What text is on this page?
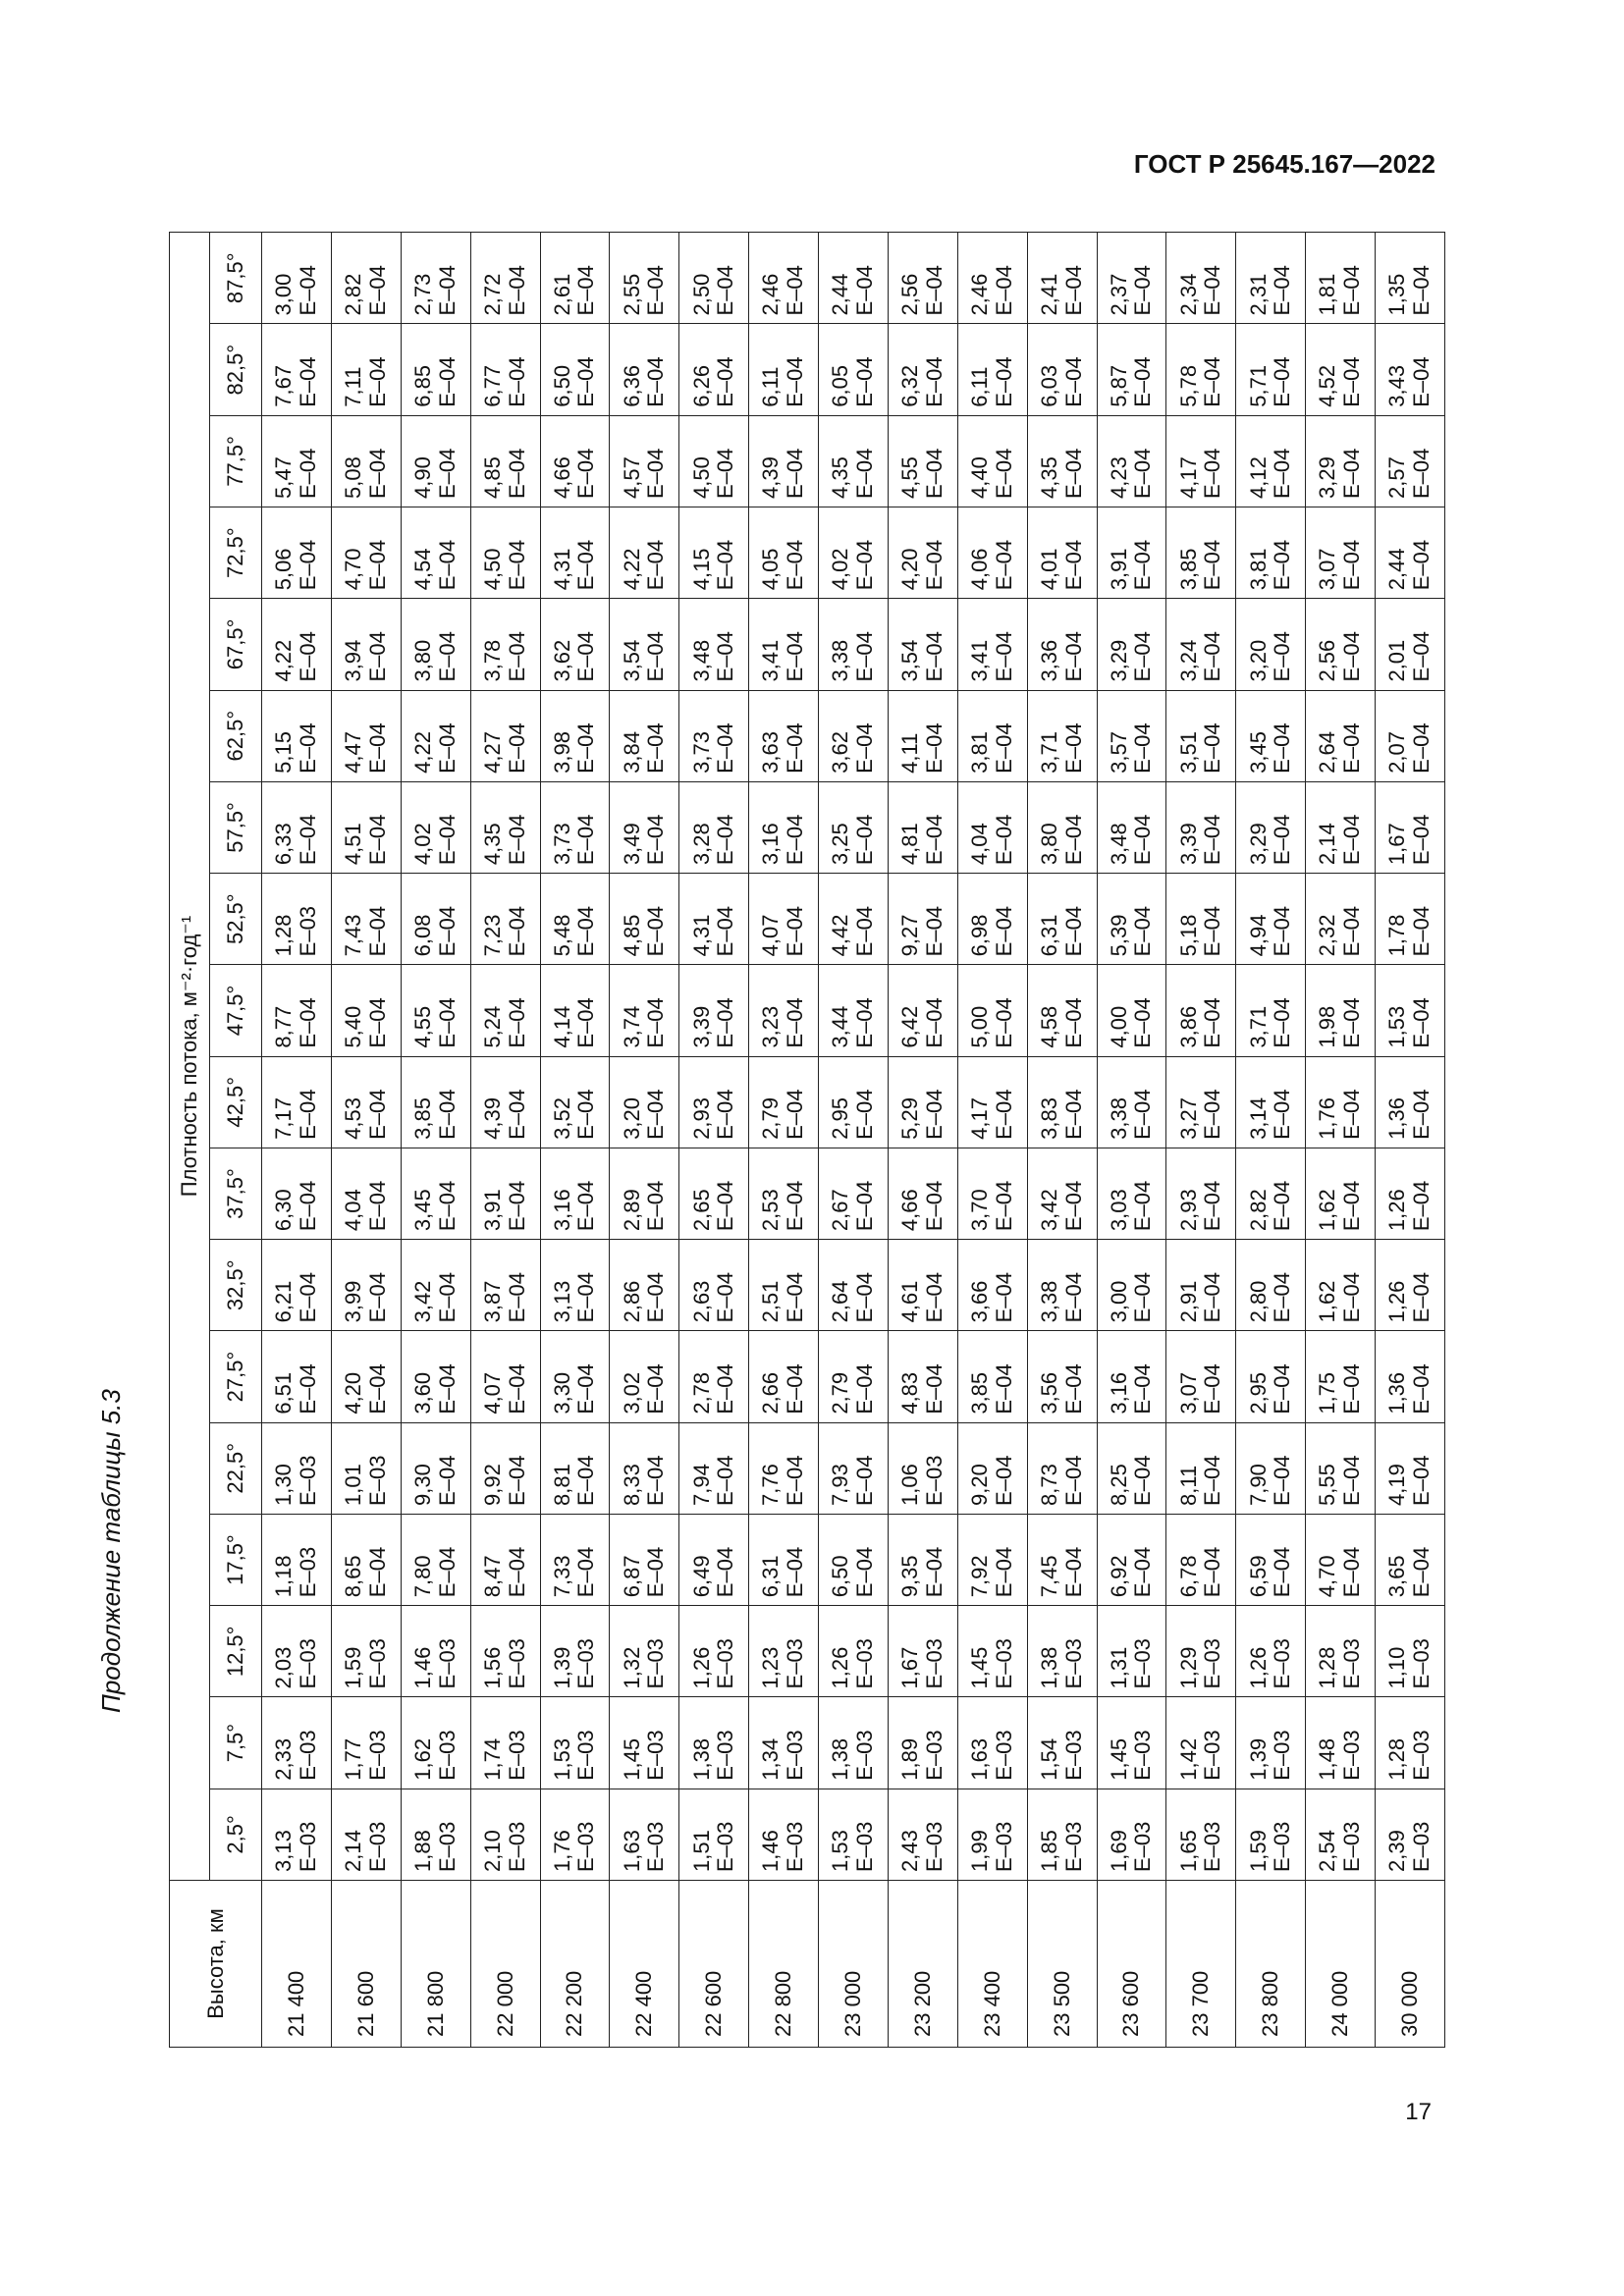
ГОСТ Р 25645.167—2022
Продолжение таблицы 5.3
Высота, км	Плотность потока, м⁻²·год⁻¹																	
	2,5°	7,5°	12,5°	17,5°	22,5°	27,5°	32,5°	37,5°	42,5°	47,5°	52,5°	57,5°	62,5°	67,5°	72,5°	77,5°	82,5°	87,5°
21 400	3,13 E–03	2,33 E–03	2,03 E–03	1,18 E–03	1,30 E–03	6,51 E–04	6,21 E–04	6,30 E–04	7,17 E–04	8,77 E–04	1,28 E–03	6,33 E–04	5,15 E–04	4,22 E–04	5,06 E–04	5,47 E–04	7,67 E–04	3,00 E–04

21 600	2,14 E–03	1,77 E–03	1,59 E–03	8,65 E–04	1,01 E–03	4,20 E–04	3,99 E–04	4,04 E–04	4,53 E–04	5,40 E–04	7,43 E–04	4,51 E–04	4,47 E–04	3,94 E–04	4,70 E–04	5,08 E–04	7,11 E–04	2,82 E–04

21 800	1,88 E–03	1,62 E–03	1,46 E–03	7,80 E–04	9,30 E–04	3,60 E–04	3,42 E–04	3,45 E–04	3,85 E–04	4,55 E–04	6,08 E–04	4,02 E–04	4,22 E–04	3,80 E–04	4,54 E–04	4,90 E–04	6,85 E–04	2,73 E–04

22 000	2,10 E–03	1,74 E–03	1,56 E–03	8,47 E–04	9,92 E–04	4,07 E–04	3,87 E–04	3,91 E–04	4,39 E–04	5,24 E–04	7,23 E–04	4,35 E–04	4,27 E–04	3,78 E–04	4,50 E–04	4,85 E–04	6,77 E–04	2,72 E–04

22 200	1,76 E–03	1,53 E–03	1,39 E–03	7,33 E–04	8,81 E–04	3,30 E–04	3,13 E–04	3,16 E–04	3,52 E–04	4,14 E–04	5,48 E–04	3,73 E–04	3,98 E–04	3,62 E–04	4,31 E–04	4,66 E–04	6,50 E–04	2,61 E–04

22 400	1,63 E–03	1,45 E–03	1,32 E–03	6,87 E–04	8,33 E–04	3,02 E–04	2,86 E–04	2,89 E–04	3,20 E–04	3,74 E–04	4,85 E–04	3,49 E–04	3,84 E–04	3,54 E–04	4,22 E–04	4,57 E–04	6,36 E–04	2,55 E–04

22 600	1,51 E–03	1,38 E–03	1,26 E–03	6,49 E–04	7,94 E–04	2,78 E–04	2,63 E–04	2,65 E–04	2,93 E–04	3,39 E–04	4,31 E–04	3,28 E–04	3,73 E–04	3,48 E–04	4,15 E–04	4,50 E–04	6,26 E–04	2,50 E–04

22 800	1,46 E–03	1,34 E–03	1,23 E–03	6,31 E–04	7,76 E–04	2,66 E–04	2,51 E–04	2,53 E–04	2,79 E–04	3,23 E–04	4,07 E–04	3,16 E–04	3,63 E–04	3,41 E–04	4,05 E–04	4,39 E–04	6,11 E–04	2,46 E–04

23 000	1,53 E–03	1,38 E–03	1,26 E–03	6,50 E–04	7,93 E–04	2,79 E–04	2,64 E–04	2,67 E–04	2,95 E–04	3,44 E–04	4,42 E–04	3,25 E–04	3,62 E–04	3,38 E–04	4,02 E–04	4,35 E–04	6,05 E–04	2,44 E–04

23 200	2,43 E–03	1,89 E–03	1,67 E–03	9,35 E–04	1,06 E–03	4,83 E–04	4,61 E–04	4,66 E–04	5,29 E–04	6,42 E–04	9,27 E–04	4,81 E–04	4,11 E–04	3,54 E–04	4,20 E–04	4,55 E–04	6,32 E–04	2,56 E–04

23 400	1,99 E–03	1,63 E–03	1,45 E–03	7,92 E–04	9,20 E–04	3,85 E–04	3,66 E–04	3,70 E–04	4,17 E–04	5,00 E–04	6,98 E–04	4,04 E–04	3,81 E–04	3,41 E–04	4,06 E–04	4,40 E–04	6,11 E–04	2,46 E–04

23 500	1,85 E–03	1,54 E–03	1,38 E–03	7,45 E–04	8,73 E–04	3,56 E–04	3,38 E–04	3,42 E–04	3,83 E–04	4,58 E–04	6,31 E–04	3,80 E–04	3,71 E–04	3,36 E–04	4,01 E–04	4,35 E–04	6,03 E–04	2,41 E–04

23 600	1,69 E–03	1,45 E–03	1,31 E–03	6,92 E–04	8,25 E–04	3,16 E–04	3,00 E–04	3,03 E–04	3,38 E–04	4,00 E–04	5,39 E–04	3,48 E–04	3,57 E–04	3,29 E–04	3,91 E–04	4,23 E–04	5,87 E–04	2,37 E–04

23 700	1,65 E–03	1,42 E–03	1,29 E–03	6,78 E–04	8,11 E–04	3,07 E–04	2,91 E–04	2,93 E–04	3,27 E–04	3,86 E–04	5,18 E–04	3,39 E–04	3,51 E–04	3,24 E–04	3,85 E–04	4,17 E–04	5,78 E–04	2,34 E–04

23 800	1,59 E–03	1,39 E–03	1,26 E–03	6,59 E–04	7,90 E–04	2,95 E–04	2,80 E–04	2,82 E–04	3,14 E–04	3,71 E–04	4,94 E–04	3,29 E–04	3,45 E–04	3,20 E–04	3,81 E–04	4,12 E–04	5,71 E–04	2,31 E–04

24 000	2,54 E–03	1,48 E–03	1,28 E–03	4,70 E–04	5,55 E–04	1,75 E–04	1,62 E–04	1,62 E–04	1,76 E–04	1,98 E–04	2,32 E–04	2,14 E–04	2,64 E–04	2,56 E–04	3,07 E–04	3,29 E–04	4,52 E–04	1,81 E–04

30 000	2,39 E–03	1,28 E–03	1,10 E–03	3,65 E–04	4,19 E–04	1,36 E–04	1,26 E–04	1,26 E–04	1,36 E–04	1,53 E–04	1,78 E–04	1,67 E–04	2,07 E–04	2,01 E–04	2,44 E–04	2,57 E–04	3,43 E–04	1,35 E–04
17
